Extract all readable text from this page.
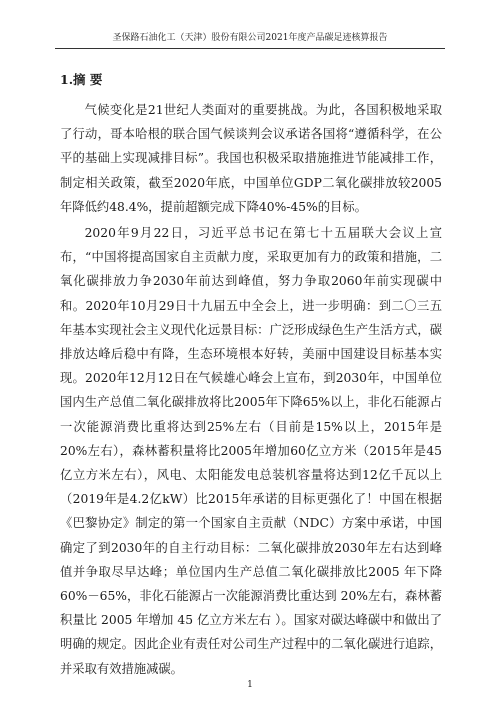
圣保路石油化工（天津）股份有限公司2021年度产品碳足迹核算报告
1.摘 要

气候变化是21世纪人类面对的重要挑战。为此，各国积极地采取了行动，哥本哈根的联合国气候谈判会议承诺各国将“遵循科学，在公平的基础上实现减排目标”。我国也积极采取措施推进节能减排工作，制定相关政策，截至2020年底，中国单位GDP二氧化碳排放较2005年降低约48.4%，提前超额完成下降40%-45%的目标。

2020年9月22日，习近平总书记在第七十五届联大会议上宣布，“中国将提高国家自主贡献力度，采取更加有力的政策和措施，二氧化碳排放力争2030年前达到峰值，努力争取2060年前实现碳中和。2020年10月29日十九届五中全会上，进一步明确：到二〇三五年基本实现社会主义现代化远景目标：广泛形成绿色生产生活方式，碳排放达峰后稳中有降，生态环境根本好转，美丽中国建设目标基本实现。2020年12月12日在气候雄心峰会上宣布，到2030年，中国单位国内生产总值二氧化碳排放将比2005年下降65%以上，非化石能源占一次能源消费比重将达到25%左右（目前是15%以上，2015年是20%左右），森林蓄积量将比2005年增加60亿立方米（2015年是45亿立方米左右），风电、太阳能发电总装机容量将达到12亿千瓦以上（2019年是4.2亿kW）比2015年承诺的目标更强化了！中国在根据《巴黎协定》制定的第一个国家自主贡献（NDC）方案中承诺，中国确定了到2030年的自主行动目标：二氧化碳排放2030年左右达到峰值并争取尽早达峰；单位国内生产总值二氧化碳排放比2005 年下降 60%－65%，非化石能源占一次能源消费比重达到 20%左右，森林蓄积量比 2005 年增加 45 亿立方米左右 ）。国家对碳达峰碳中和做出了明确的规定。因此企业有责任对公司生产过程中的二氧化碳进行追踪，并采取有效措施减碳。

1
